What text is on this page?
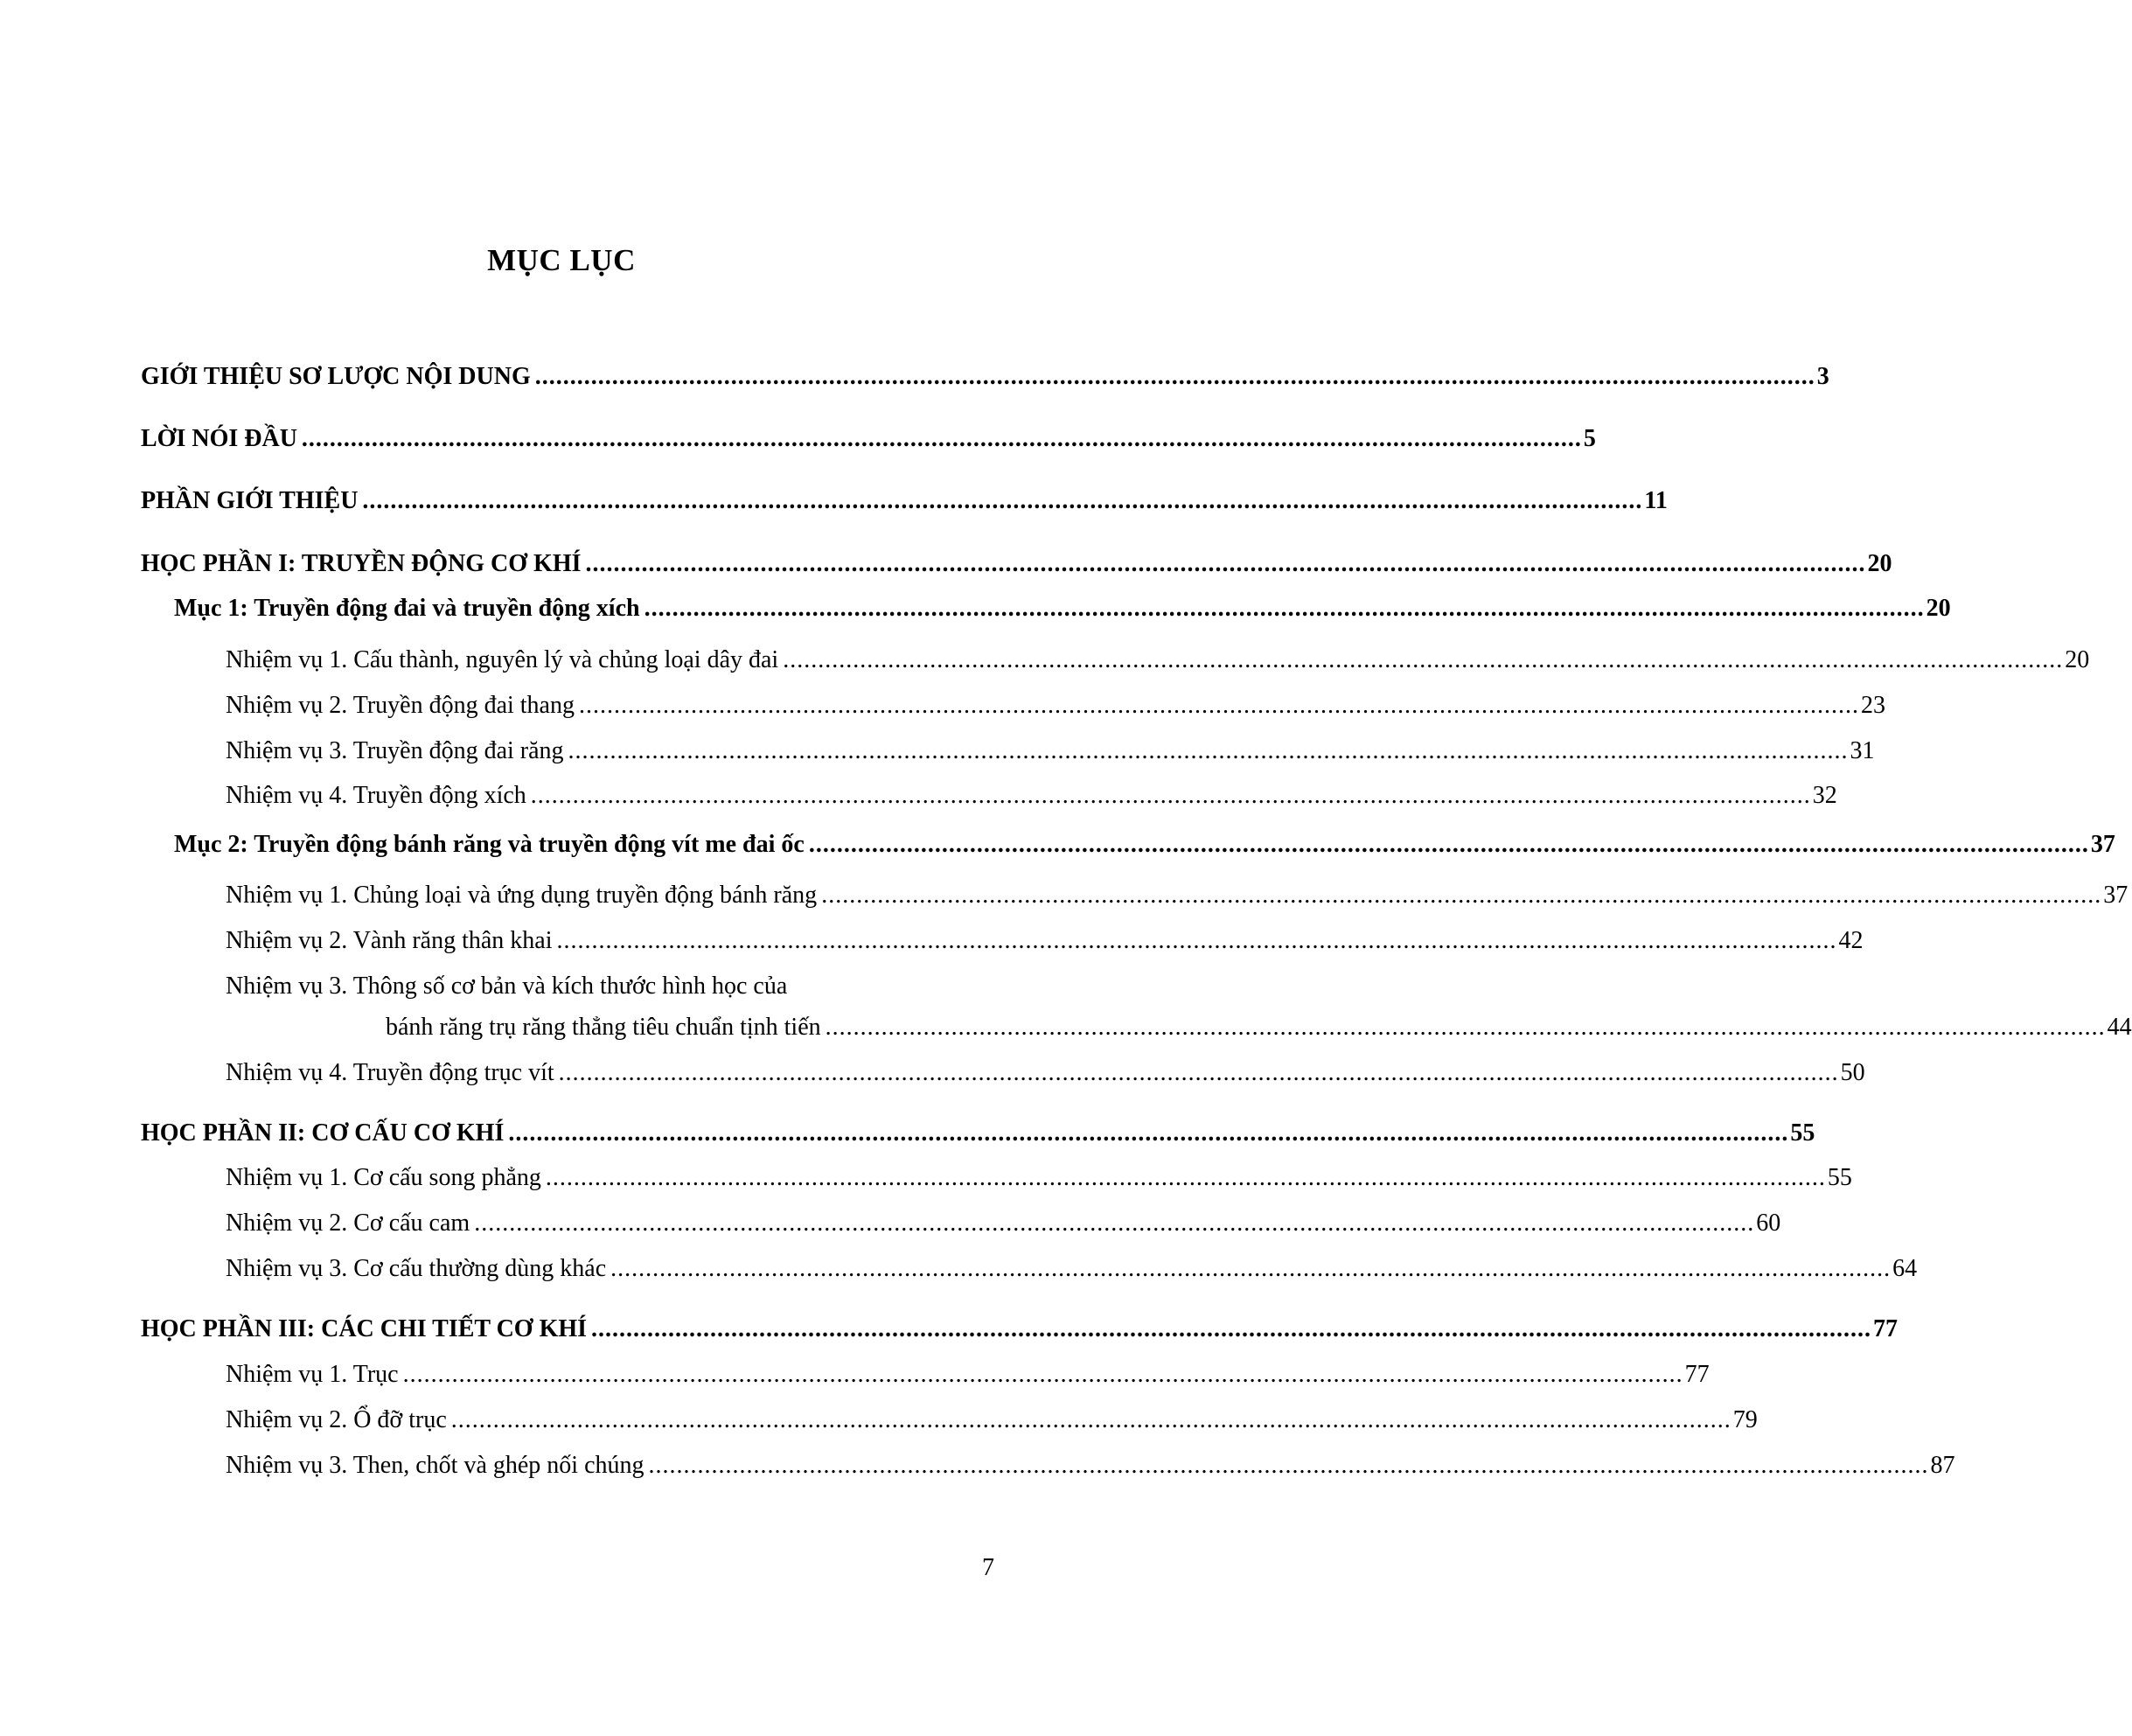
MỤC LỤC
GIỚI THIỆU SƠ LƯỢC NỘI DUNG ....................................................................................................................................................................................... 3
LỜI NÓI ĐẦU ....................................................................................................................................................................................... 5
PHẦN GIỚI THIỆU ....................................................................................................................................................................................... 11
HỌC PHẦN I: TRUYỀN ĐỘNG CƠ KHÍ ....................................................................................................................................................................................... 20
Mục 1: Truyền động đai và truyền động xích ....................................................................................................................................................................................... 20
Nhiệm vụ 1. Cấu thành, nguyên lý và chủng loại dây đai ....................................................................................................................................................................................... 20
Nhiệm vụ 2. Truyền động đai thang ....................................................................................................................................................................................... 23
Nhiệm vụ 3. Truyền động đai răng ....................................................................................................................................................................................... 31
Nhiệm vụ 4. Truyền động xích ....................................................................................................................................................................................... 32
Mục 2: Truyền động bánh răng và truyền động vít me đai ốc ....................................................................................................................................................................................... 37
Nhiệm vụ 1. Chủng loại và ứng dụng truyền động bánh răng ....................................................................................................................................................................................... 37
Nhiệm vụ 2. Vành răng thân khai ....................................................................................................................................................................................... 42
Nhiệm vụ 3. Thông số cơ bản và kích thước hình học của
bánh răng trụ răng thẳng tiêu chuẩn tịnh tiến ....................................................................................................................................................................................... 44
Nhiệm vụ 4. Truyền động trục vít ....................................................................................................................................................................................... 50
HỌC PHẦN II: CƠ CẤU CƠ KHÍ ....................................................................................................................................................................................... 55
Nhiệm vụ 1. Cơ cấu song phẳng ....................................................................................................................................................................................... 55
Nhiệm vụ 2. Cơ cấu cam ....................................................................................................................................................................................... 60
Nhiệm vụ 3. Cơ cấu thường dùng khác ....................................................................................................................................................................................... 64
HỌC PHẦN III: CÁC CHI TIẾT CƠ KHÍ ....................................................................................................................................................................................... 77
Nhiệm vụ 1. Trục ....................................................................................................................................................................................... 77
Nhiệm vụ 2. Ổ đỡ trục ....................................................................................................................................................................................... 79
Nhiệm vụ 3. Then, chốt và ghép nối chúng ....................................................................................................................................................................................... 87
7
